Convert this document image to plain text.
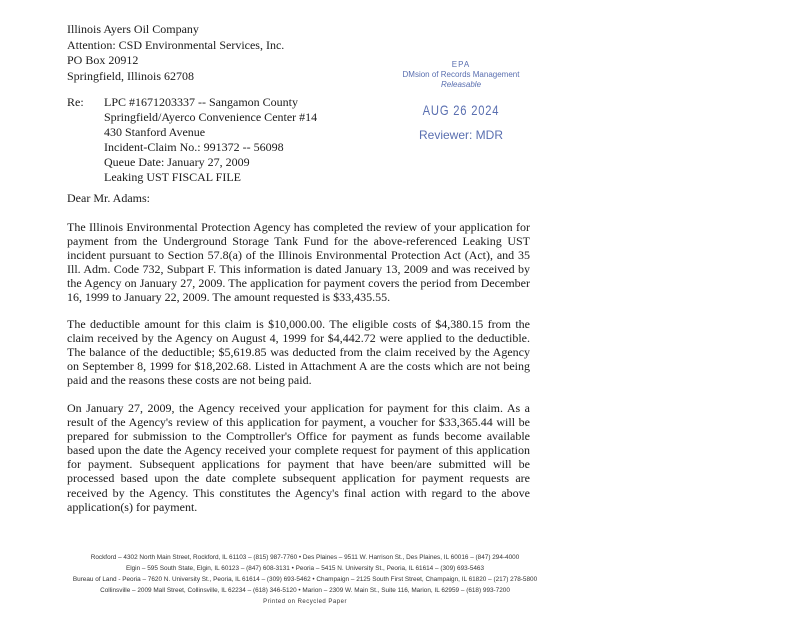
Illinois Ayers Oil Company
Attention: CSD Environmental Services, Inc.
PO Box 20912
Springfield, Illinois 62708
EPA
DMsion of Records Management
Releasable
AUG 26 2024
Reviewer: MDR
Re: LPC #1671203337 -- Sangamon County
Springfield/Ayerco Convenience Center #14
430 Stanford Avenue
Incident-Claim No.: 991372 -- 56098
Queue Date: January 27, 2009
Leaking UST FISCAL FILE
Dear Mr. Adams:
The Illinois Environmental Protection Agency has completed the review of your application for payment from the Underground Storage Tank Fund for the above-referenced Leaking UST incident pursuant to Section 57.8(a) of the Illinois Environmental Protection Act (Act), and 35 Ill. Adm. Code 732, Subpart F. This information is dated January 13, 2009 and was received by the Agency on January 27, 2009. The application for payment covers the period from December 16, 1999 to January 22, 2009. The amount requested is $33,435.55.
The deductible amount for this claim is $10,000.00. The eligible costs of $4,380.15 from the claim received by the Agency on August 4, 1999 for $4,442.72 were applied to the deductible. The balance of the deductible; $5,619.85 was deducted from the claim received by the Agency on September 8, 1999 for $18,202.68. Listed in Attachment A are the costs which are not being paid and the reasons these costs are not being paid.
On January 27, 2009, the Agency received your application for payment for this claim. As a result of the Agency's review of this application for payment, a voucher for $33,365.44 will be prepared for submission to the Comptroller's Office for payment as funds become available based upon the date the Agency received your complete request for payment of this application for payment. Subsequent applications for payment that have been/are submitted will be processed based upon the date complete subsequent application for payment requests are received by the Agency. This constitutes the Agency's final action with regard to the above application(s) for payment.
Rockford – 4302 North Main Street, Rockford, IL 61103 – (815) 987-7760 • Des Plaines – 9511 W. Harrison St., Des Plaines, IL 60016 – (847) 294-4000
Elgin – 595 South State, Elgin, IL 60123 – (847) 608-3131 • Peoria – 5415 N. University St., Peoria, IL 61614 – (309) 693-5463
Bureau of Land - Peoria – 7620 N. University St., Peoria, IL 61614 – (309) 693-5462 • Champaign – 2125 South First Street, Champaign, IL 61820 – (217) 278-5800
Collinsville – 2009 Mall Street, Collinsville, IL 62234 – (618) 346-5120 • Marion – 2309 W. Main St., Suite 116, Marion, IL 62959 – (618) 993-7200
Printed on Recycled Paper
